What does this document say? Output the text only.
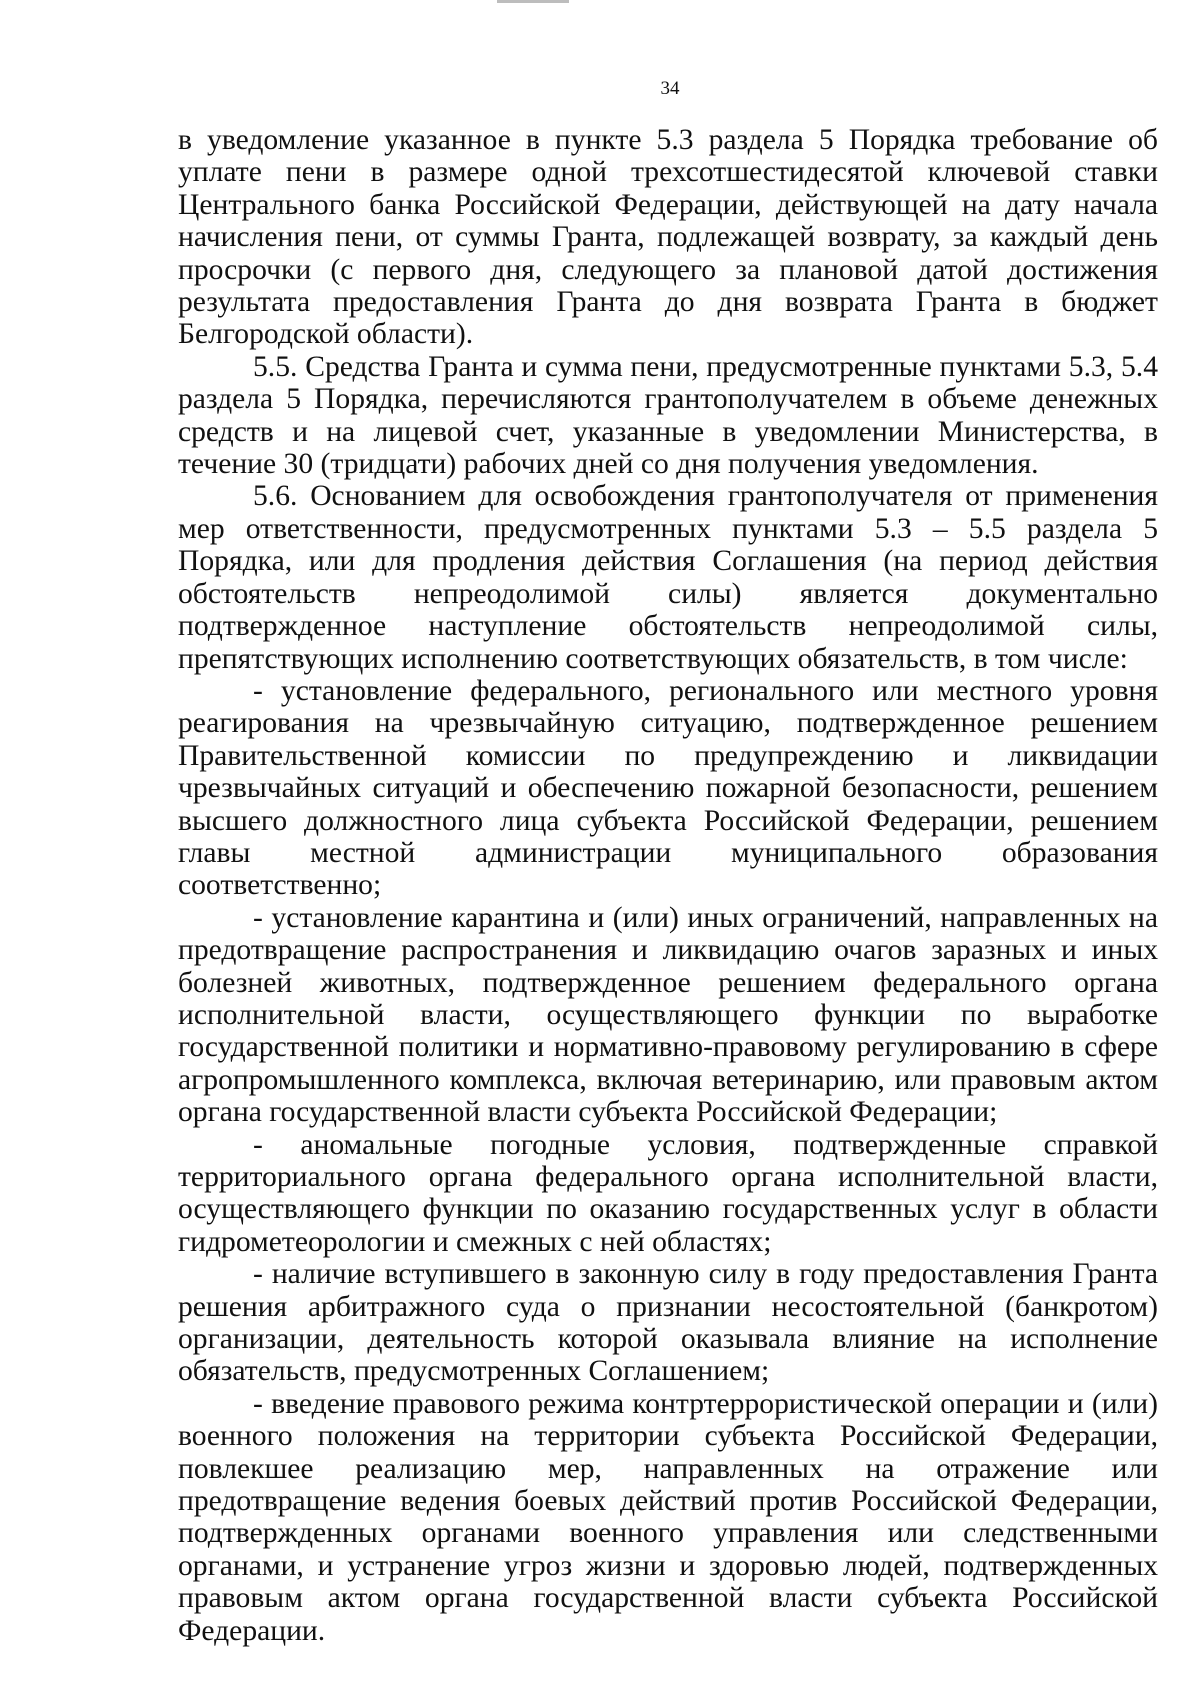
34

в уведомление указанное в пункте 5.3 раздела 5 Порядка требование об уплате пени в размере одной трехсотшестидесятой ключевой ставки Центрального банка Российской Федерации, действующей на дату начала начисления пени, от суммы Гранта, подлежащей возврату, за каждый день просрочки (с первого дня, следующего за плановой датой достижения результата предоставления Гранта до дня возврата Гранта в бюджет Белгородской области).

5.5. Средства Гранта и сумма пени, предусмотренные пунктами 5.3, 5.4 раздела 5 Порядка, перечисляются грантополучателем в объеме денежных средств и на лицевой счет, указанные в уведомлении Министерства, в течение 30 (тридцати) рабочих дней со дня получения уведомления.

5.6. Основанием для освобождения грантополучателя от применения мер ответственности, предусмотренных пунктами 5.3 – 5.5 раздела 5 Порядка, или для продления действия Соглашения (на период действия обстоятельств непреодолимой силы) является документально подтвержденное наступление обстоятельств непреодолимой силы, препятствующих исполнению соответствующих обязательств, в том числе:

- установление федерального, регионального или местного уровня реагирования на чрезвычайную ситуацию, подтвержденное решением Правительственной комиссии по предупреждению и ликвидации чрезвычайных ситуаций и обеспечению пожарной безопасности, решением высшего должностного лица субъекта Российской Федерации, решением главы местной администрации муниципального образования соответственно;

- установление карантина и (или) иных ограничений, направленных на предотвращение распространения и ликвидацию очагов заразных и иных болезней животных, подтвержденное решением федерального органа исполнительной власти, осуществляющего функции по выработке государственной политики и нормативно-правовому регулированию в сфере агропромышленного комплекса, включая ветеринарию, или правовым актом органа государственной власти субъекта Российской Федерации;

- аномальные погодные условия, подтвержденные справкой территориального органа федерального органа исполнительной власти, осуществляющего функции по оказанию государственных услуг в области гидрометеорологии и смежных с ней областях;

- наличие вступившего в законную силу в году предоставления Гранта решения арбитражного суда о признании несостоятельной (банкротом) организации, деятельность которой оказывала влияние на исполнение обязательств, предусмотренных Соглашением;

- введение правового режима контртеррористической операции и (или) военного положения на территории субъекта Российской Федерации, повлекшее реализацию мер, направленных на отражение или предотвращение ведения боевых действий против Российской Федерации, подтвержденных органами военного управления или следственными органами, и устранение угроз жизни и здоровью людей, подтвержденных правовым актом органа государственной власти субъекта Российской Федерации.
